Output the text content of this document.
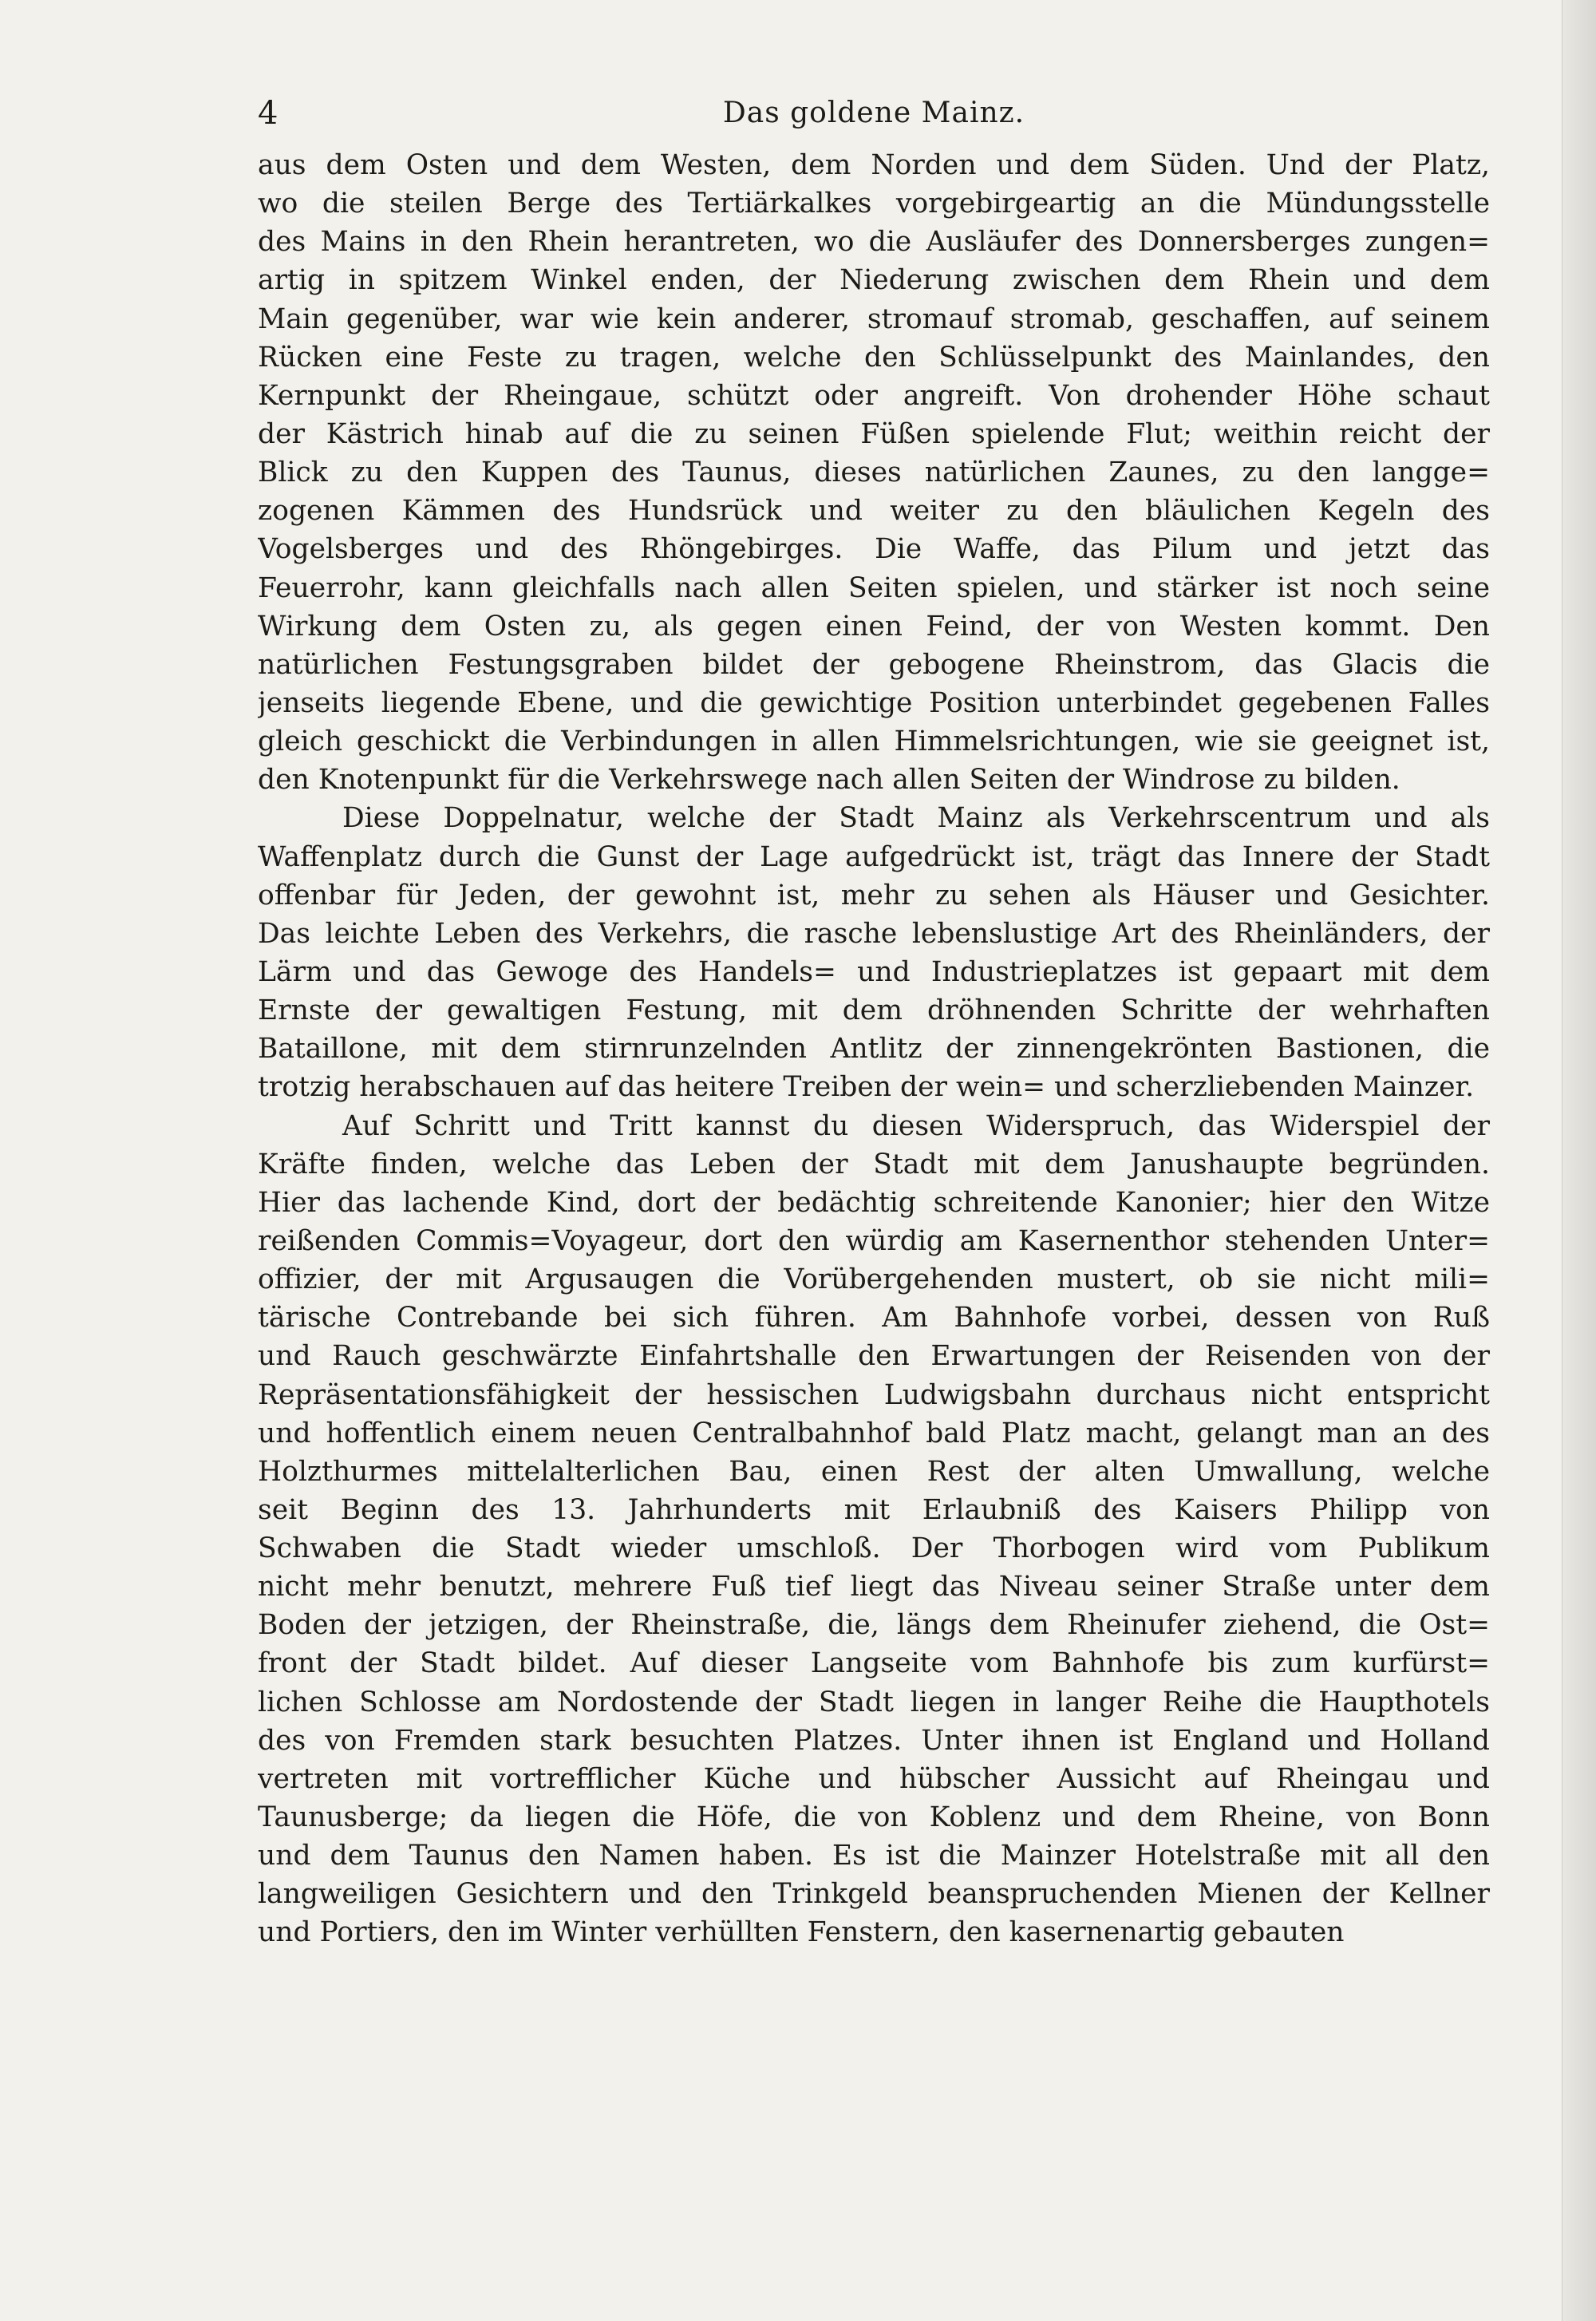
4	Das goldene Mainz.
aus dem Osten und dem Westen, dem Norden und dem Süden. Und der Platz,
wo die steilen Berge des Tertiärkalkes vorgebirgeartig an die Mündungsstelle
des Mains in den Rhein herantreten, wo die Ausläufer des Donnersberges zungen=
artig in spitzem Winkel enden, der Niederung zwischen dem Rhein und dem
Main gegenüber, war wie kein anderer, stromauf stromab, geschaffen, auf seinem
Rücken eine Feste zu tragen, welche den Schlüsselpunkt des Mainlandes, den
Kernpunkt der Rheingaue, schützt oder angreift. Von drohender Höhe schaut
der Kästrich hinab auf die zu seinen Füßen spielende Flut; weithin reicht der
Blick zu den Kuppen des Taunus, dieses natürlichen Zaunes, zu den langge=
zogenen Kämmen des Hundsrück und weiter zu den bläulichen Kegeln des
Vogelsberges und des Rhöngebirges. Die Waffe, das Pilum und jetzt das
Feuerrohr, kann gleichfalls nach allen Seiten spielen, und stärker ist noch seine
Wirkung dem Osten zu, als gegen einen Feind, der von Westen kommt. Den
natürlichen Festungsgraben bildet der gebogene Rheinstrom, das Glacis die
jenseits liegende Ebene, und die gewichtige Position unterbindet gegebenen Falles
gleich geschickt die Verbindungen in allen Himmelsrichtungen, wie sie geeignet ist,
den Knotenpunkt für die Verkehrswege nach allen Seiten der Windrose zu bilden.
Diese Doppelnatur, welche der Stadt Mainz als Verkehrscentrum und als
Waffenplatz durch die Gunst der Lage aufgedrückt ist, trägt das Innere der Stadt
offenbar für Jeden, der gewohnt ist, mehr zu sehen als Häuser und Gesichter.
Das leichte Leben des Verkehrs, die rasche lebenslustige Art des Rheinländers, der
Lärm und das Gewoge des Handels= und Industrieplatzes ist gepaart mit dem
Ernste der gewaltigen Festung, mit dem dröhnenden Schritte der wehrhaften
Bataillone, mit dem stirnrunzelnden Antlitz der zinnengekrönten Bastionen, die
trotzig herabschauen auf das heitere Treiben der wein= und scherzliebenden Mainzer.
Auf Schritt und Tritt kannst du diesen Widerspruch, das Widerspiel der
Kräfte finden, welche das Leben der Stadt mit dem Janushaupte begründen.
Hier das lachende Kind, dort der bedächtig schreitende Kanonier; hier den Witze
reißenden Commis=Voyageur, dort den würdig am Kasernenthor stehenden Unter=
offizier, der mit Argusaugen die Vorübergehenden mustert, ob sie nicht mili=
tärische Contrebande bei sich führen. Am Bahnhofe vorbei, dessen von Ruß
und Rauch geschwärzte Einfahrtshalle den Erwartungen der Reisenden von der
Repräsentationsfähigkeit der hessischen Ludwigsbahn durchaus nicht entspricht
und hoffentlich einem neuen Centralbahnhof bald Platz macht, gelangt man an des
Holzthurmes mittelalterlichen Bau, einen Rest der alten Umwallung, welche
seit Beginn des 13. Jahrhunderts mit Erlaubniß des Kaisers Philipp von
Schwaben die Stadt wieder umschloß. Der Thorbogen wird vom Publikum
nicht mehr benutzt, mehrere Fuß tief liegt das Niveau seiner Straße unter dem
Boden der jetzigen, der Rheinstraße, die, längs dem Rheinufer ziehend, die Ost=
front der Stadt bildet. Auf dieser Langseite vom Bahnhofe bis zum kurfürst=
lichen Schlosse am Nordostende der Stadt liegen in langer Reihe die Haupthotels
des von Fremden stark besuchten Platzes. Unter ihnen ist England und Holland
vertreten mit vortrefflicher Küche und hübscher Aussicht auf Rheingau und
Taunusberge; da liegen die Höfe, die von Koblenz und dem Rheine, von Bonn
und dem Taunus den Namen haben. Es ist die Mainzer Hotelstraße mit all den
langweiligen Gesichtern und den Trinkgeld beanspruchenden Mienen der Kellner
und Portiers, den im Winter verhüllten Fenstern, den kasernenartig gebauten
